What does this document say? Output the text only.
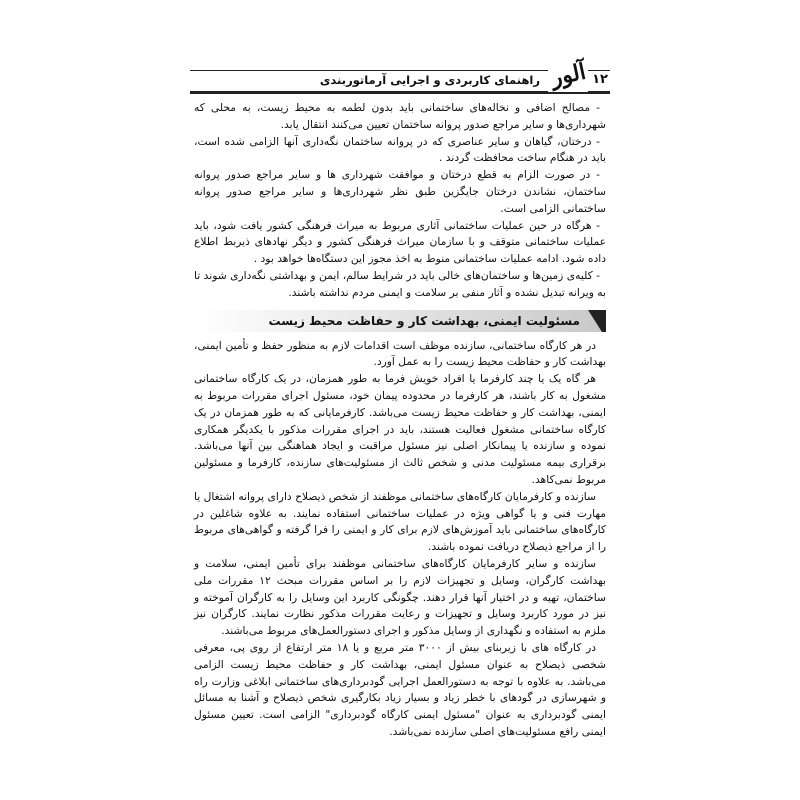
۱۲
آلور
راهنمای کاربردی و اجرایی آرماتوربندی

- مصالح اضافی و نخاله‌های ساختمانی باید بدون لطمه به محیط زیست، به محلی که شهرداری‌ها و سایر مراجع صدور پروانه ساختمان تعیین می‌کنند انتقال یابد.

- درختان، گیاهان و سایر عناصری که در پروانه ساختمان نگه‌داری آنها الزامی شده است، باید در هنگام ساخت محافظت گردند .

- در صورت الزام به قطع درختان و موافقت شهرداری ها و سایر مراجع صدور پروانه ساختمان، نشاندن درختان جایگزین طبق نظر شهرداری‌ها و سایر مراجع صدور پروانه ساختمانی الزامی است.

- هرگاه در حین عملیات ساختمانی آثاری مربوط به میراث فرهنگی کشور یافت شود، باید عملیات ساختمانی متوقف و با سازمان میراث فرهنگی کشور و دیگر نهادهای ذیربط اطلاع داده شود. ادامه عملیات ساختمانی منوط به اخذ مجوز این دستگاه‌ها خواهد بود .

- کلیه‌ی زمین‌ها و ساختمان‌های خالی باید در شرایط سالم، ایمن و بهداشتی نگه‌داری شوند تا به ویرانه تبدیل نشده و آثار منفی بر سلامت و ایمنی مردم نداشته باشند.

مسئولیت ایمنی، بهداشت کار و حفاظت محیط زیست

در هر کارگاه ساختمانی، سازنده موظف است اقدامات لازم به منظور حفظ و تأمین ایمنی، بهداشت کار و حفاظت محیط زیست را به عمل آورد.

هر گاه یک یا چند کارفرما یا افراد خویش فرما به طور همزمان، در یک کارگاه ساختمانی مشغول به کار باشند، هر کارفرما در محدوده پیمان خود، مسئول اجرای مقررات مربوط به ایمنی، بهداشت کار و حفاظت محیط زیست می‌باشد. کارفرمایانی که به طور همزمان در یک کارگاه ساختمانی مشغول فعالیت هستند، باید در اجرای مقررات مذکور با یکدیگر همکاری نموده و سازنده یا پیمانکار اصلی نیز مسئول مراقبت و ایجاد هماهنگی بین آنها می‌باشد. برقراری بیمه مسئولیت مدنی و شخص ثالث از مسئولیت‌های سازنده، کارفرما و مسئولین مربوط نمی‌کاهد.

سازنده و کارفرمایان کارگاه‌های ساختمانی موظفند از شخص ذیصلاح دارای پروانه اشتغال یا مهارت فنی و یا گواهی ویژه در عملیات ساختمانی استفاده نمایند. به علاوه شاغلین در کارگاه‌های ساختمانی باید آموزش‌های لازم برای کار و ایمنی را فرا گرفته و گواهی‌های مربوط را از مراجع ذیصلاح دریافت نموده باشند.

سازنده و سایر کارفرمایان کارگاه‌های ساختمانی موظفند برای تأمین ایمنی، سلامت و بهداشت کارگران، وسایل و تجهیزات لازم را بر اساس مقررات مبحث ۱۲ مقررات ملی ساختمان، تهیه و در اختیار آنها قرار دهند. چگونگی کاربرد این وسایل را به کارگران آموخته و نیز در مورد کاربرد وسایل و تجهیزات و رعایت مقررات مذکور نظارت نمایند. کارگران نیز ملزم به استفاده و نگهداری از وسایل مذکور و اجرای دستورالعمل‌های مربوط می‌باشند.

در کارگاه های با زیربنای بیش از ۳۰۰۰ متر مربع و یا ۱۸ متر ارتفاع از روی پی، معرفی شخصی ذیصلاح به عنوان مسئول ایمنی، بهداشت کار و حفاظت محیط زیست الزامی می‌باشد. به علاوه با توجه به دستورالعمل اجرایی گودبرداری‌های ساختمانی ابلاغی وزارت راه و شهرسازی در گودهای با خطر زیاد و بسیار زیاد بکارگیری شخص ذیصلاح و آشنا به مسائل ایمنی گودبرداری به عنوان "مسئول ایمنی کارگاه گودبرداری" الزامی است. تعیین مسئول ایمنی رافع مسئولیت‌های اصلی سازنده نمی‌باشد.
